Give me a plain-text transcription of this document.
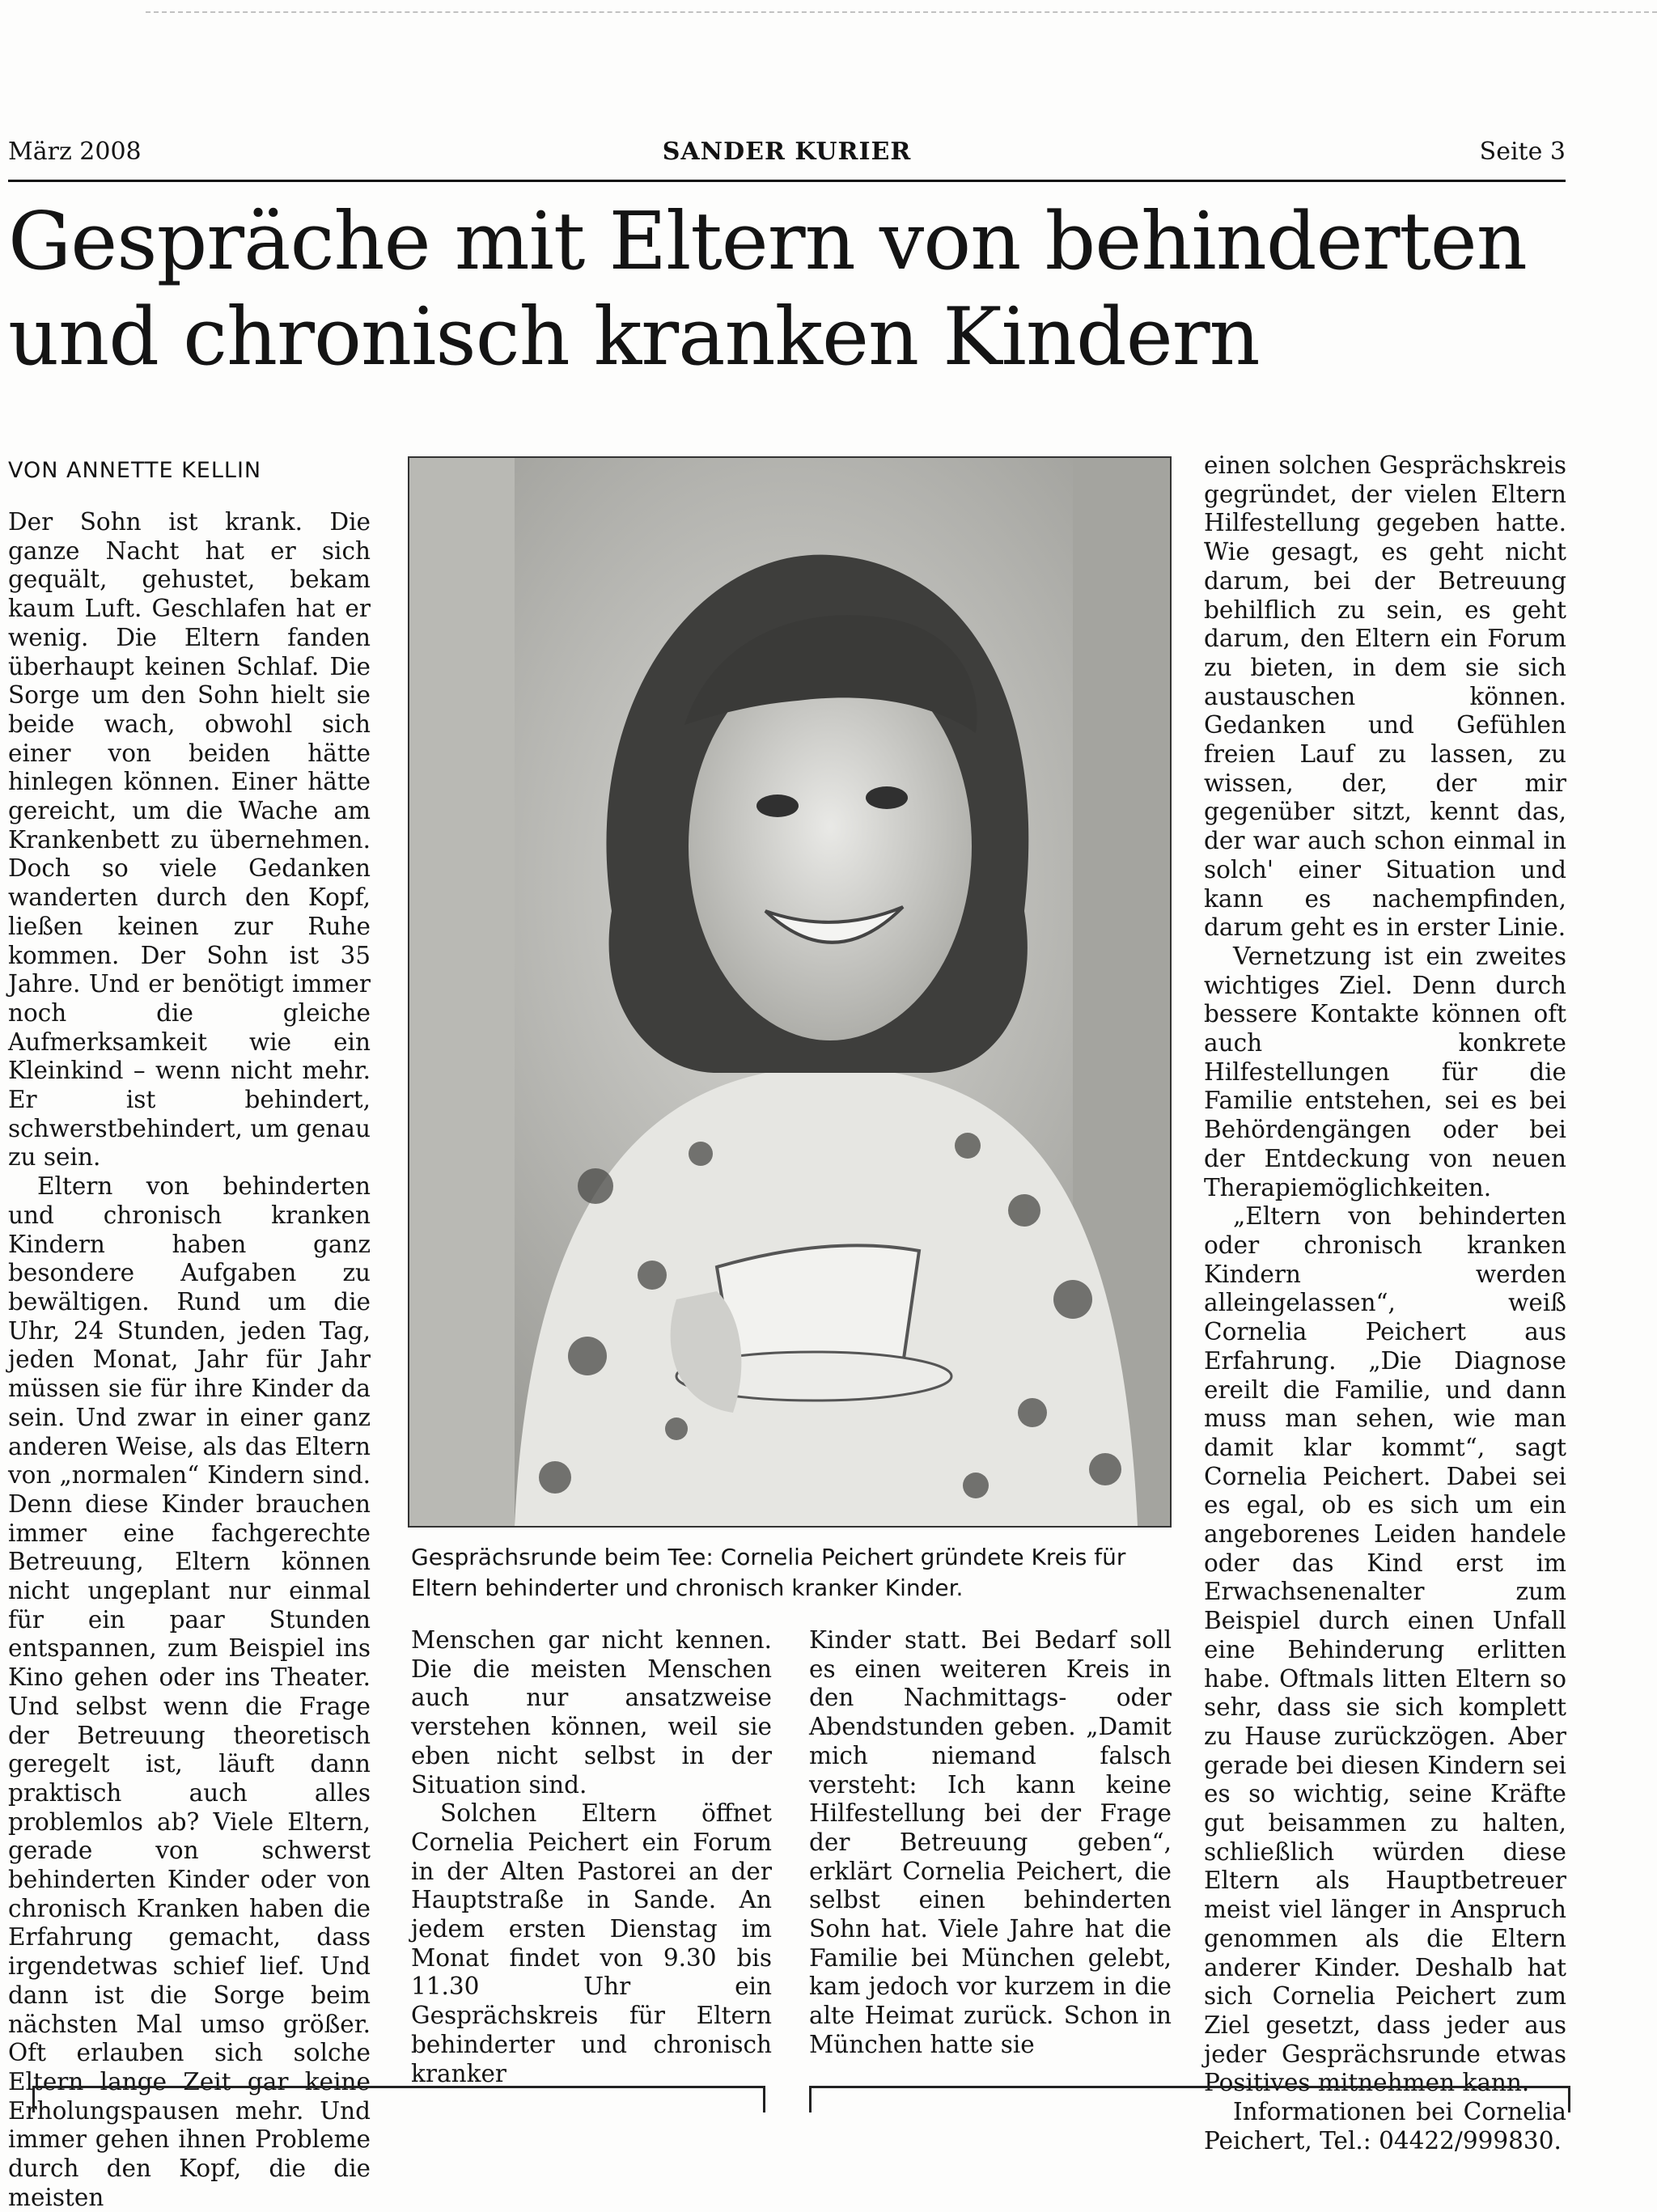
März 2008	SANDER KURIER	Seite 3
Gespräche mit Eltern von behinderten
und chronisch kranken Kindern
VON ANNETTE KELLIN

Der Sohn ist krank. Die ganze Nacht hat er sich gequält, gehustet, bekam kaum Luft. Geschlafen hat er wenig. Die Eltern fanden überhaupt keinen Schlaf. Die Sorge um den Sohn hielt sie beide wach, obwohl sich einer von beiden hätte hinlegen können. Einer hätte gereicht, um die Wache am Krankenbett zu übernehmen. Doch so viele Gedanken wanderten durch den Kopf, ließen keinen zur Ruhe kommen. Der Sohn ist 35 Jahre. Und er benötigt immer noch die gleiche Aufmerksamkeit wie ein Kleinkind – wenn nicht mehr. Er ist behindert, schwerstbehindert, um genau zu sein.

Eltern von behinderten und chronisch kranken Kindern haben ganz besondere Aufgaben zu bewältigen. Rund um die Uhr, 24 Stunden, jeden Tag, jeden Monat, Jahr für Jahr müssen sie für ihre Kinder da sein. Und zwar in einer ganz anderen Weise, als das Eltern von „normalen“ Kindern sind. Denn diese Kinder brauchen immer eine fachgerechte Betreuung, Eltern können nicht ungeplant nur einmal für ein paar Stunden entspannen, zum Beispiel ins Kino gehen oder ins Theater. Und selbst wenn die Frage der Betreuung theoretisch geregelt ist, läuft dann praktisch auch alles problemlos ab? Viele Eltern, gerade von schwerst behinderten Kinder oder von chronisch Kranken haben die Erfahrung gemacht, dass irgendetwas schief lief. Und dann ist die Sorge beim nächsten Mal umso größer. Oft erlauben sich solche Eltern lange Zeit gar keine Erholungspausen mehr. Und immer gehen ihnen Probleme durch den Kopf, die die meisten

Gesprächsrunde beim Tee: Cornelia Peichert gründete Kreis für Eltern behinderter und chronisch kranker Kinder.

Menschen gar nicht kennen. Die die meisten Menschen auch nur ansatzweise verstehen können, weil sie eben nicht selbst in der Situation sind.

Solchen Eltern öffnet Cornelia Peichert ein Forum in der Alten Pastorei an der Hauptstraße in Sande. An jedem ersten Dienstag im Monat findet von 9.30 bis 11.30 Uhr ein Gesprächskreis für Eltern behinderter und chronisch kranker

Kinder statt. Bei Bedarf soll es einen weiteren Kreis in den Nachmittags- oder Abendstunden geben. „Damit mich niemand falsch versteht: Ich kann keine Hilfestellung bei der Frage der Betreuung geben“, erklärt Cornelia Peichert, die selbst einen behinderten Sohn hat. Viele Jahre hat die Familie bei München gelebt, kam jedoch vor kurzem in die alte Heimat zurück. Schon in München hatte sie

einen solchen Gesprächskreis gegründet, der vielen Eltern Hilfestellung gegeben hatte. Wie gesagt, es geht nicht darum, bei der Betreuung behilflich zu sein, es geht darum, den Eltern ein Forum zu bieten, in dem sie sich austauschen können. Gedanken und Gefühlen freien Lauf zu lassen, zu wissen, der, der mir gegenüber sitzt, kennt das, der war auch schon einmal in solch' einer Situation und kann es nachempfinden, darum geht es in erster Linie.

Vernetzung ist ein zweites wichtiges Ziel. Denn durch bessere Kontakte können oft auch konkrete Hilfestellungen für die Familie entstehen, sei es bei Behördengängen oder bei der Entdeckung von neuen Therapiemöglichkeiten.

„Eltern von behinderten oder chronisch kranken Kindern werden alleingelassen“, weiß Cornelia Peichert aus Erfahrung. „Die Diagnose ereilt die Familie, und dann muss man sehen, wie man damit klar kommt“, sagt Cornelia Peichert. Dabei sei es egal, ob es sich um ein angeborenes Leiden handele oder das Kind erst im Erwachsenenalter zum Beispiel durch einen Unfall eine Behinderung erlitten habe. Oftmals litten Eltern so sehr, dass sie sich komplett zu Hause zurückzögen. Aber gerade bei diesen Kindern sei es so wichtig, seine Kräfte gut beisammen zu halten, schließlich würden diese Eltern als Hauptbetreuer meist viel länger in Anspruch genommen als die Eltern anderer Kinder. Deshalb hat sich Cornelia Peichert zum Ziel gesetzt, dass jeder aus jeder Gesprächsrunde etwas Positives mitnehmen kann.

Informationen bei Cornelia Peichert, Tel.: 04422/999830.
